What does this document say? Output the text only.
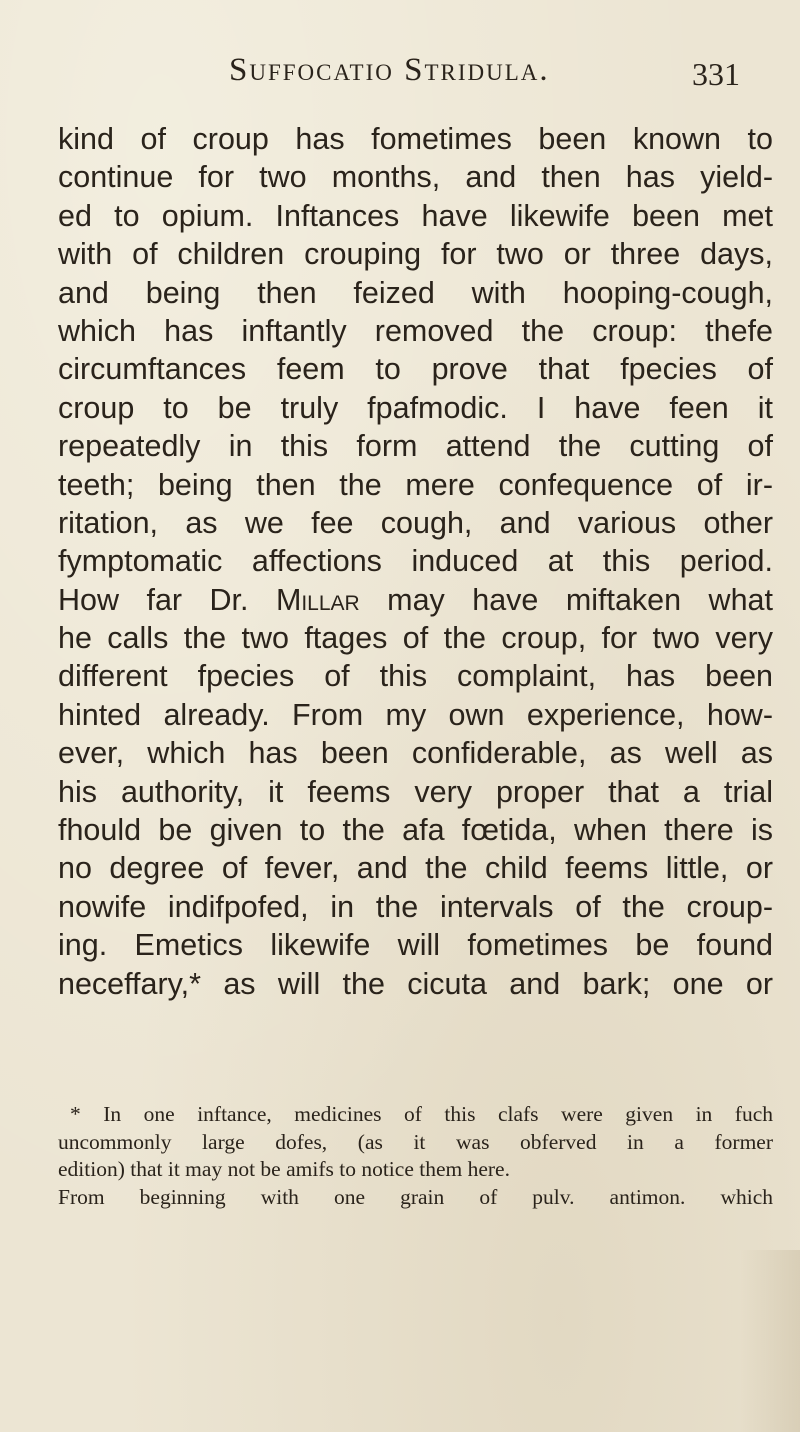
Suffocatio Stridula.	331
kind of croup has fometimes been known to
continue for two months, and then has yield-
ed to opium. Inftances have likewife been met
with of children crouping for two or three days,
and being then feized with hooping-cough,
which has inftantly removed the croup: thefe
circumftances feem to prove that fpecies of
croup to be truly fpafmodic. I have feen it
repeatedly in this form attend the cutting of
teeth; being then the mere confequence of ir-
ritation, as we fee cough, and various other
fymptomatic affections induced at this period.
How far Dr. Millar may have miftaken what
he calls the two ftages of the croup, for two very
different fpecies of this complaint, has been
hinted already. From my own experience, how-
ever, which has been confiderable, as well as
his authority, it feems very proper that a trial
fhould be given to the afa fœtida, when there is
no degree of fever, and the child feems little, or
nowife indifpofed, in the intervals of the croup-
ing. Emetics likewife will fometimes be found
neceffary,* as will the cicuta and bark; one or
* In one inftance, medicines of this clafs were given in fuch
uncommonly large dofes, (as it was obferved in a former
edition) that it may not be amifs to notice them here.
From beginning with one grain of pulv. antimon. which
